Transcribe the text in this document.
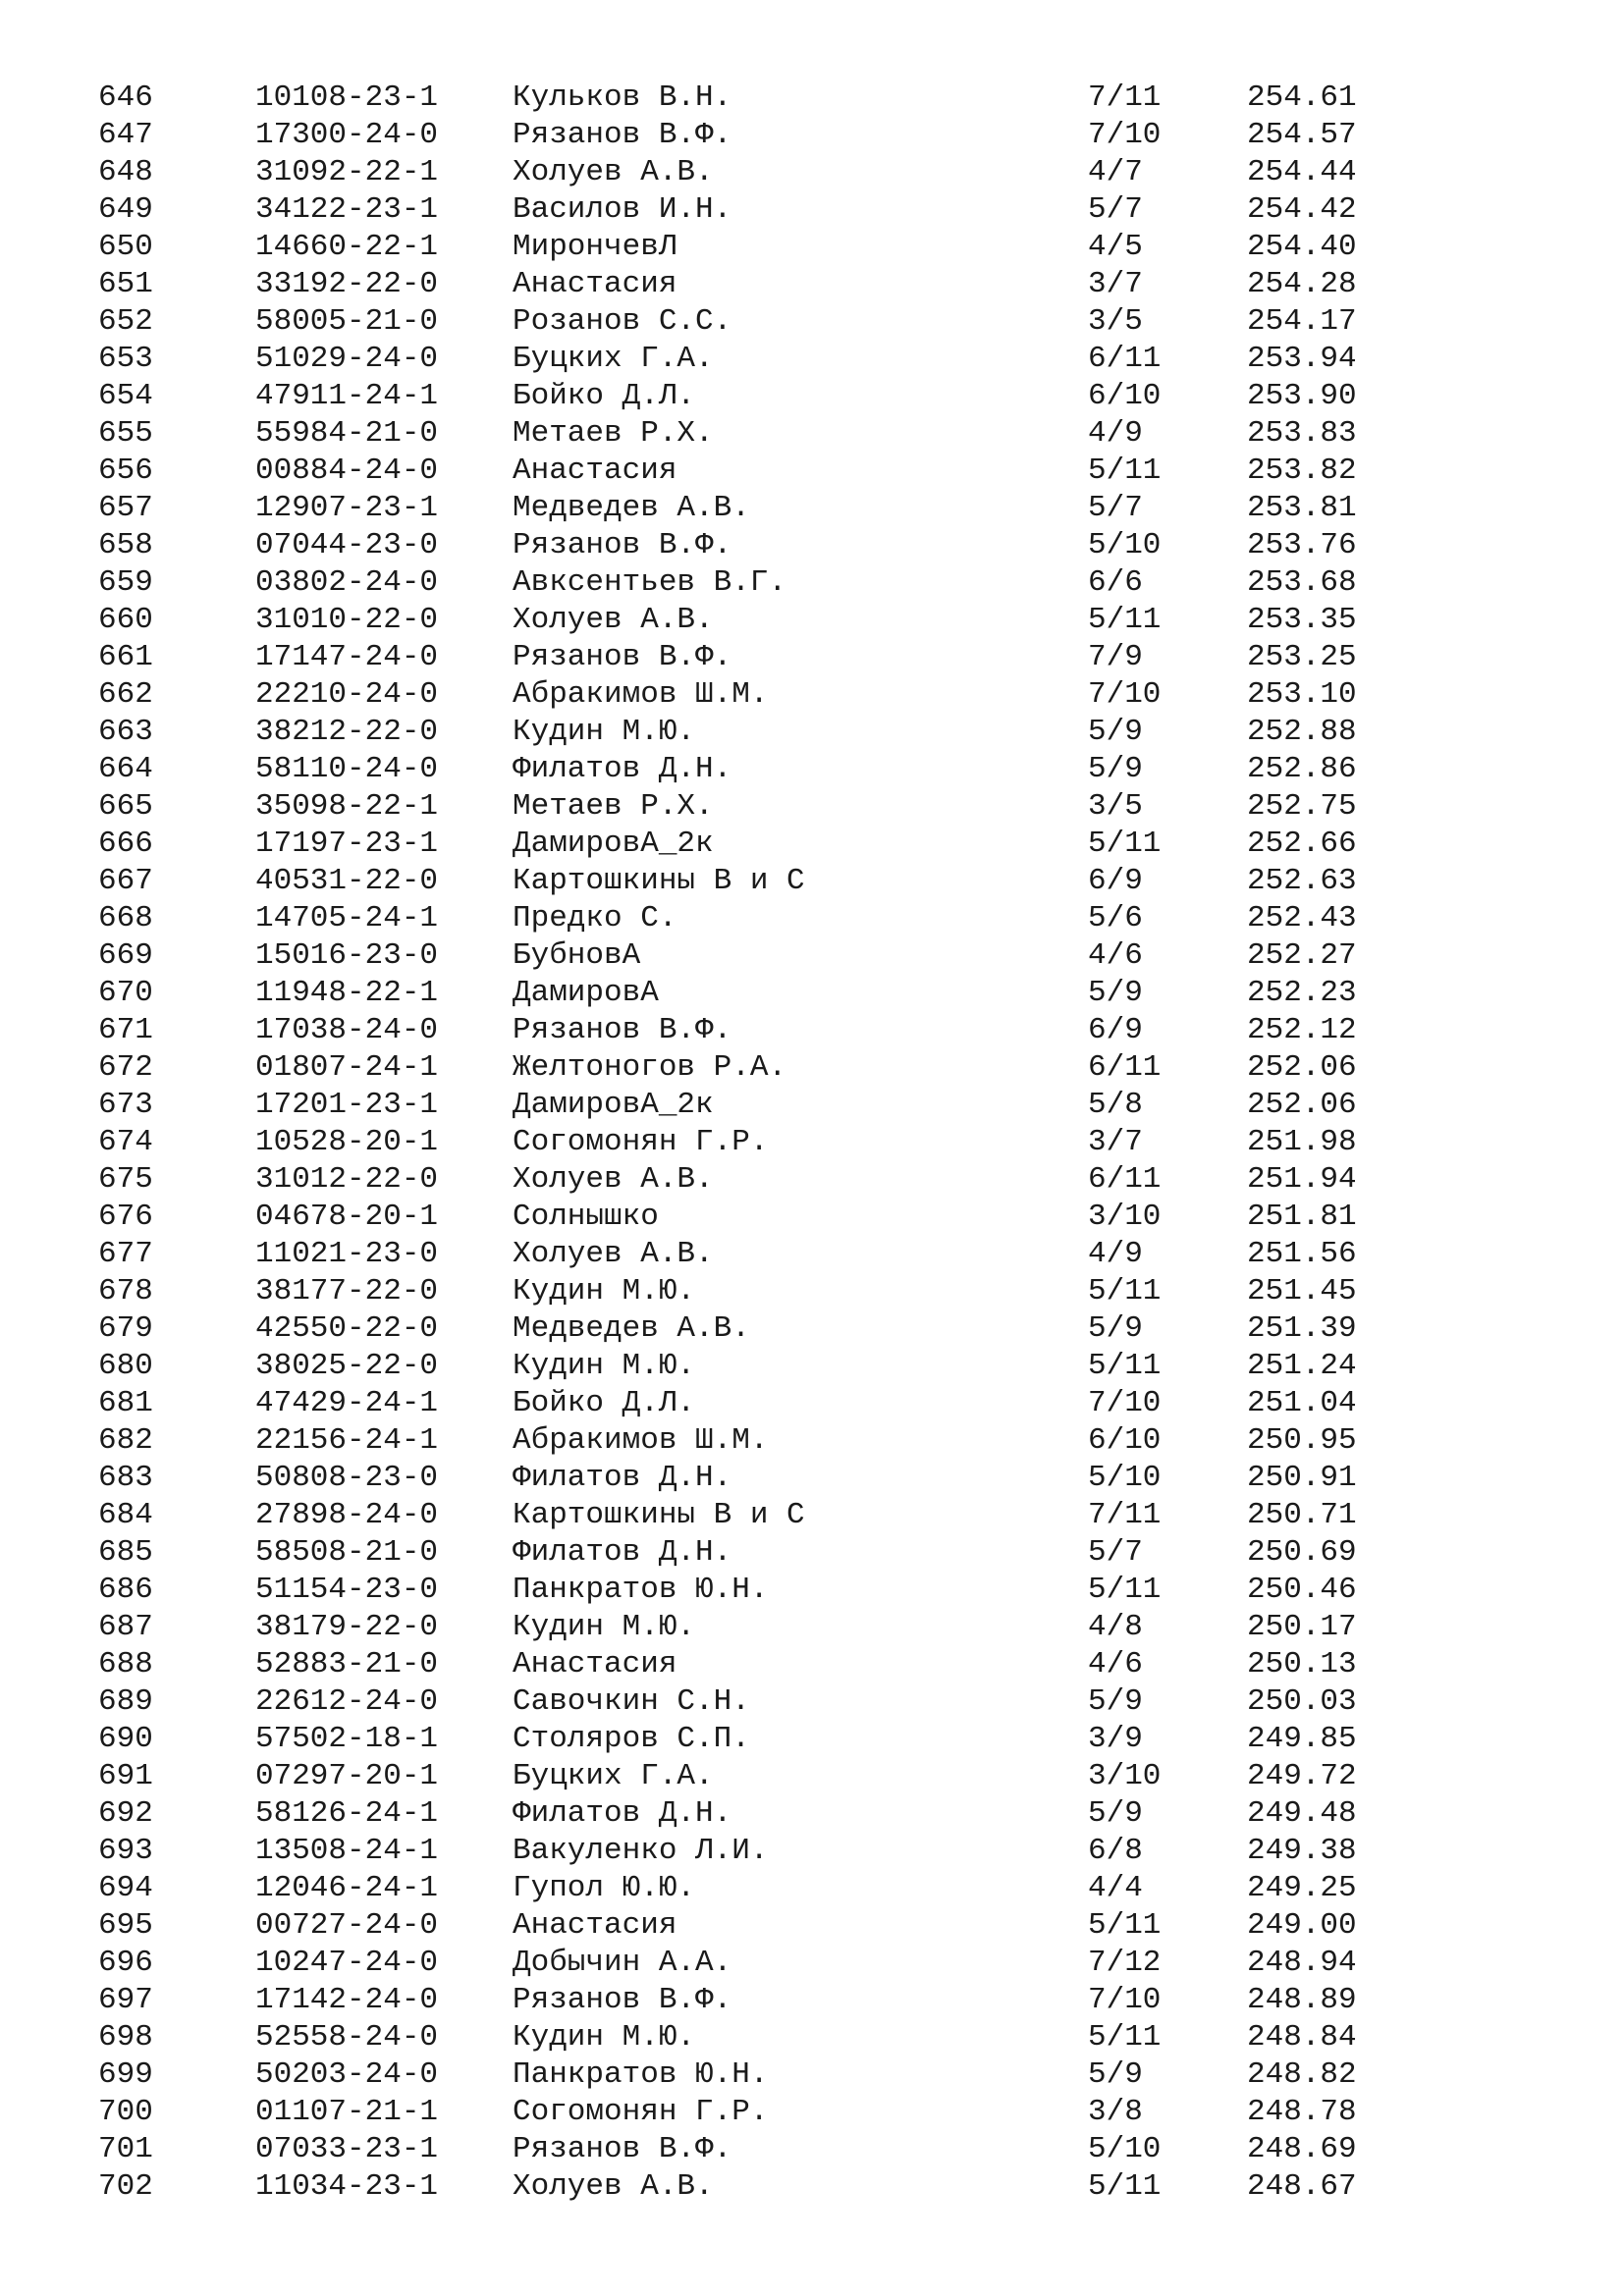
646	10108-23-1 Кульков В.Н.	7/11	254.61
647	17300-24-0 Рязанов В.Ф.	7/10	254.57
648	31092-22-1 Холуев А.В.	4/7	254.44
649	34122-23-1 Василов И.Н.	5/7	254.42
650	14660-22-1 МирончевЛ	4/5	254.40
651	33192-22-0 Анастасия	3/7	254.28
652	58005-21-0 Розанов С.С.	3/5	254.17
653	51029-24-0 Буцких Г.А.	6/11	253.94
654	47911-24-1 Бойко Д.Л.	6/10	253.90
655	55984-21-0 Метаев Р.Х.	4/9	253.83
656	00884-24-0 Анастасия	5/11	253.82
657	12907-23-1 Медведев А.В.	5/7	253.81
658	07044-23-0 Рязанов В.Ф.	5/10	253.76
659	03802-24-0 Авксентьев В.Г.	6/6	253.68
660	31010-22-0 Холуев А.В.	5/11	253.35
661	17147-24-0 Рязанов В.Ф.	7/9	253.25
662	22210-24-0 Абракимов Ш.М.	7/10	253.10
663	38212-22-0 Кудин М.Ю.	5/9	252.88
664	58110-24-0 Филатов Д.Н.	5/9	252.86
665	35098-22-1 Метаев Р.Х.	3/5	252.75
666	17197-23-1 ДамировА_2к	5/11	252.66
667	40531-22-0 Картошкины В и С	6/9	252.63
668	14705-24-1 Предко С.	5/6	252.43
669	15016-23-0 БубновА	4/6	252.27
670	11948-22-1 ДамировА	5/9	252.23
671	17038-24-0 Рязанов В.Ф.	6/9	252.12
672	01807-24-1 Желтоногов Р.А.	6/11	252.06
673	17201-23-1 ДамировА_2к	5/8	252.06
674	10528-20-1 Согомонян Г.Р.	3/7	251.98
675	31012-22-0 Холуев А.В.	6/11	251.94
676	04678-20-1 Солнышко	3/10	251.81
677	11021-23-0 Холуев А.В.	4/9	251.56
678	38177-22-0 Кудин М.Ю.	5/11	251.45
679	42550-22-0 Медведев А.В.	5/9	251.39
680	38025-22-0 Кудин М.Ю.	5/11	251.24
681	47429-24-1 Бойко Д.Л.	7/10	251.04
682	22156-24-1 Абракимов Ш.М.	6/10	250.95
683	50808-23-0 Филатов Д.Н.	5/10	250.91
684	27898-24-0 Картошкины В и С	7/11	250.71
685	58508-21-0 Филатов Д.Н.	5/7	250.69
686	51154-23-0 Панкратов Ю.Н.	5/11	250.46
687	38179-22-0 Кудин М.Ю.	4/8	250.17
688	52883-21-0 Анастасия	4/6	250.13
689	22612-24-0 Савочкин С.Н.	5/9	250.03
690	57502-18-1 Столяров С.П.	3/9	249.85
691	07297-20-1 Буцких Г.А.	3/10	249.72
692	58126-24-1 Филатов Д.Н.	5/9	249.48
693	13508-24-1 Вакуленко Л.И.	6/8	249.38
694	12046-24-1 Гупол Ю.Ю.	4/4	249.25
695	00727-24-0 Анастасия	5/11	249.00
696	10247-24-0 Добычин А.А.	7/12	248.94
697	17142-24-0 Рязанов В.Ф.	7/10	248.89
698	52558-24-0 Кудин М.Ю.	5/11	248.84
699	50203-24-0 Панкратов Ю.Н.	5/9	248.82
700	01107-21-1 Согомонян Г.Р.	3/8	248.78
701	07033-23-1 Рязанов В.Ф.	5/10	248.69
702	11034-23-1 Холуев А.В.	5/11	248.67
